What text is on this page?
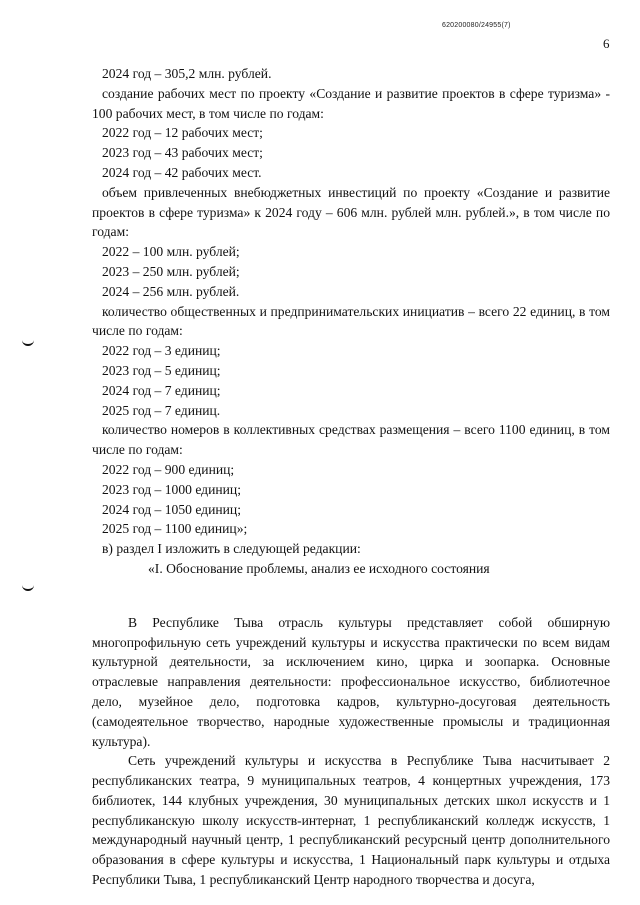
620200080/24955(7)
6

2024 год – 305,2 млн. рублей.

создание рабочих мест по проекту «Создание и развитие проектов в сфере туризма» - 100 рабочих мест, в том числе по годам:

2022 год – 12 рабочих мест;

2023 год – 43 рабочих мест;

2024 год – 42 рабочих мест.

объем привлеченных внебюджетных инвестиций по проекту «Создание и развитие проектов в сфере туризма» к 2024 году – 606 млн. рублей млн. рублей.», в том числе по годам:

2022 – 100 млн. рублей;

2023 – 250 млн. рублей;

2024 – 256 млн. рублей.

количество общественных и предпринимательских инициатив – всего 22 единиц, в том числе по годам:

2022 год – 3 единиц;

2023 год – 5 единиц;

2024 год – 7 единиц;

2025 год – 7 единиц.

количество номеров в коллективных средствах размещения – всего 1100 единиц, в том числе по годам:

2022 год – 900 единиц;

2023 год – 1000 единиц;

2024 год – 1050 единиц;

2025 год – 1100 единиц»;

в) раздел I изложить в следующей редакции:

«I. Обоснование проблемы, анализ ее исходного состояния

В Республике Тыва отрасль культуры представляет собой обширную многопрофильную сеть учреждений культуры и искусства практически по всем видам культурной деятельности, за исключением кино, цирка и зоопарка. Основные отраслевые направления деятельности: профессиональное искусство, библиотечное дело, музейное дело, подготовка кадров, культурно-досуговая деятельность (самодеятельное творчество, народные художественные промыслы и традиционная культура).

Сеть учреждений культуры и искусства в Республике Тыва насчитывает 2 республиканских театра, 9 муниципальных театров, 4 концертных учреждения, 173 библиотек, 144 клубных учреждения, 30 муниципальных детских школ искусств и 1 республиканскую школу искусств-интернат, 1 республиканский колледж искусств, 1 международный научный центр, 1 республиканский ресурсный центр дополнительного образования в сфере культуры и искусства, 1 Национальный парк культуры и отдыха Республики Тыва, 1 республиканский Центр народного творчества и досуга,
